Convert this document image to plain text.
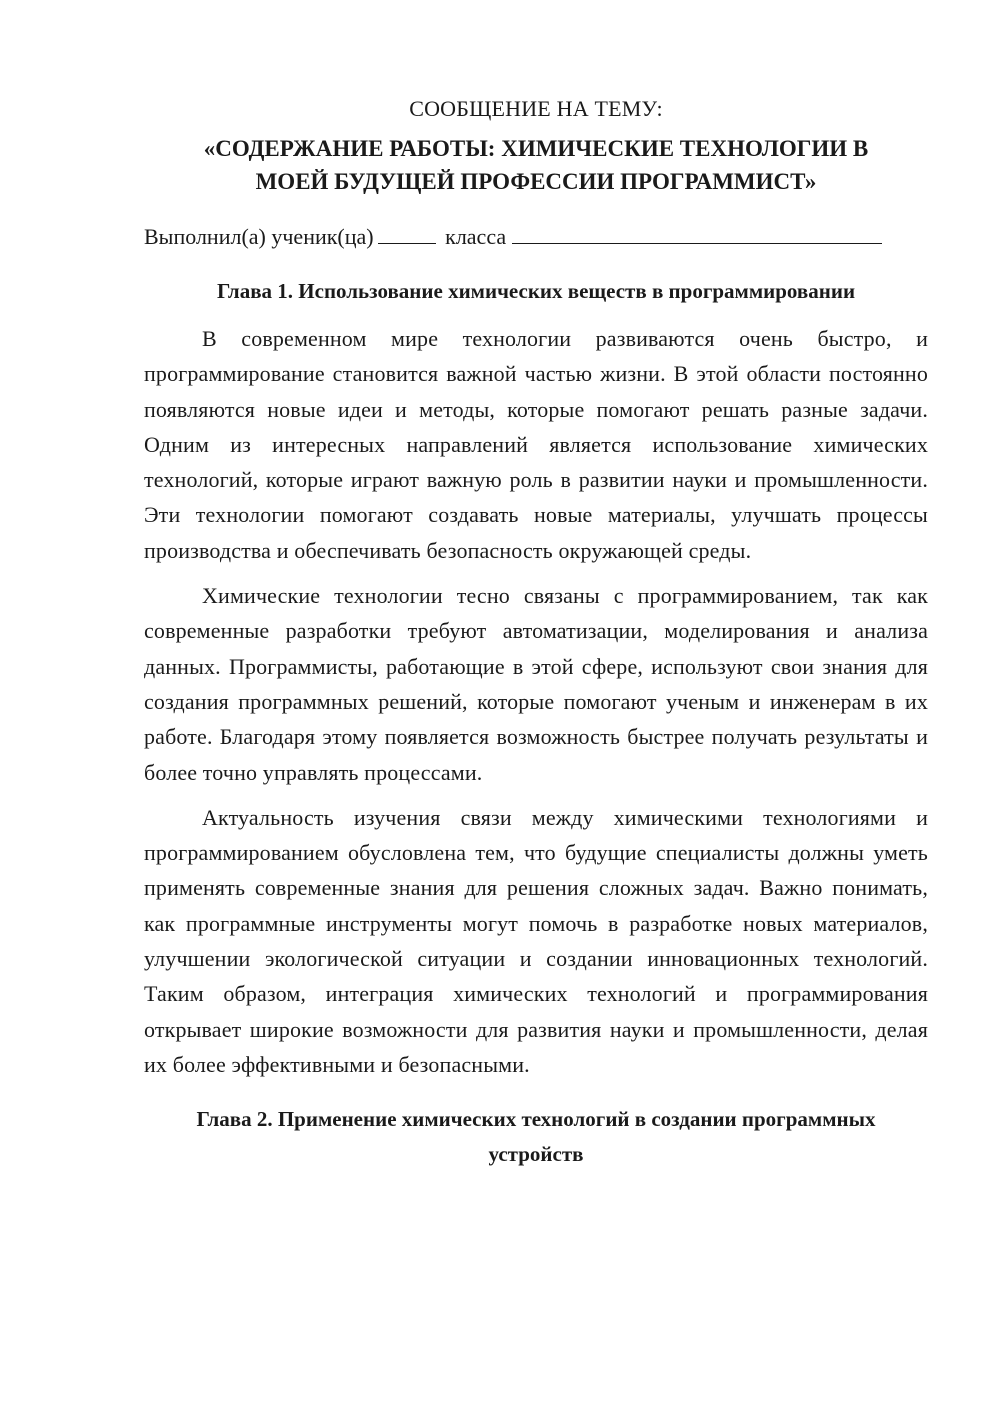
СООБЩЕНИЕ НА ТЕМУ:

«СОДЕРЖАНИЕ РАБОТЫ: ХИМИЧЕСКИЕ ТЕХНОЛОГИИ В
МОЕЙ БУДУЩЕЙ ПРОФЕССИИ ПРОГРАММИСТ»
Выполнил(а) ученик(ца)	класса
Глава 1. Использование химических веществ в программировании

В современном мире технологии развиваются очень быстро, и программирование становится важной частью жизни. В этой области постоянно появляются новые идеи и методы, которые помогают решать разные задачи. Одним из интересных направлений является использование химических технологий, которые играют важную роль в развитии науки и промышленности. Эти технологии помогают создавать новые материалы, улучшать процессы производства и обеспечивать безопасность окружающей среды.

Химические технологии тесно связаны с программированием, так как современные разработки требуют автоматизации, моделирования и анализа данных. Программисты, работающие в этой сфере, используют свои знания для создания программных решений, которые помогают ученым и инженерам в их работе. Благодаря этому появляется возможность быстрее получать результаты и более точно управлять процессами.

Актуальность изучения связи между химическими технологиями и программированием обусловлена тем, что будущие специалисты должны уметь применять современные знания для решения сложных задач. Важно понимать, как программные инструменты могут помочь в разработке новых материалов, улучшении экологической ситуации и создании инновационных технологий. Таким образом, интеграция химических технологий и программирования открывает широкие возможности для развития науки и промышленности, делая их более эффективными и безопасными.

Глава 2. Применение химических технологий в создании программных
устройств
